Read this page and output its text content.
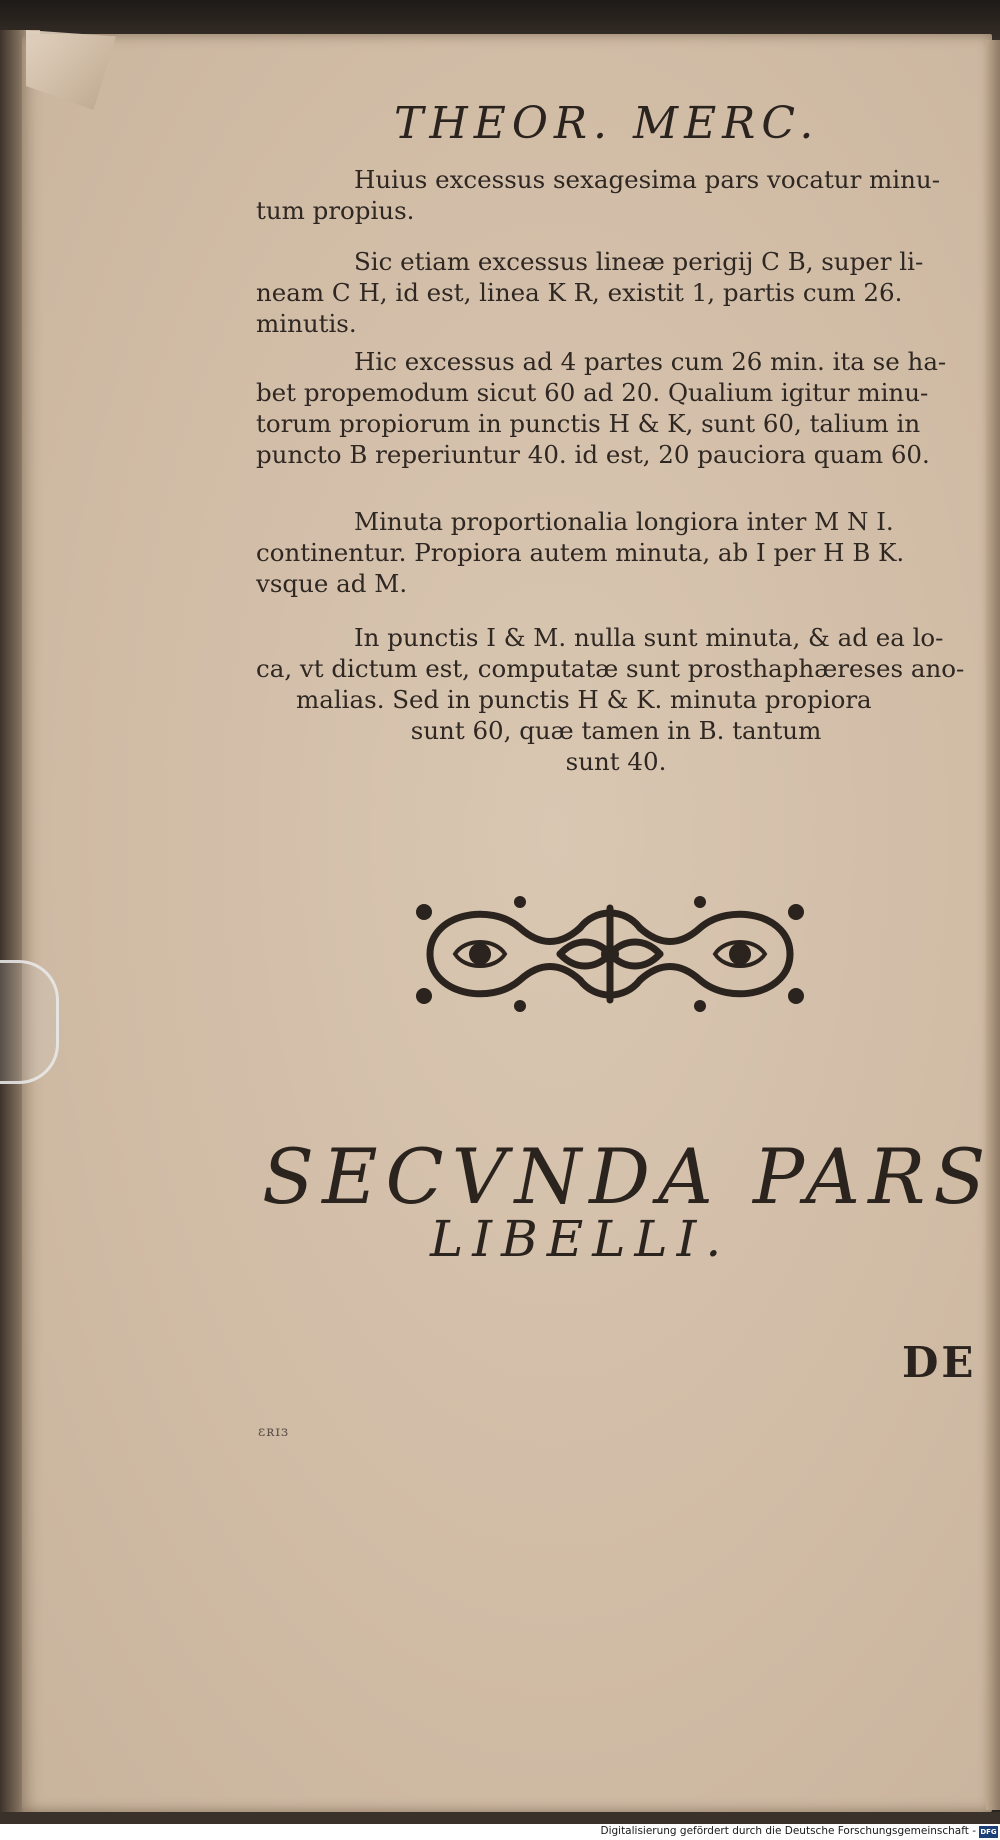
THEOR. MERC.
Huius excessus sexagesima pars vocatur minu-
tum propius.
Sic etiam excessus lineæ perigij C B, super li-
neam C H, id est, linea K R, existit 1, partis cum 26.
minutis.
Hic excessus ad 4 partes cum 26 min. ita se ha-
bet propemodum sicut 60 ad 20. Qualium igitur minu-
torum propiorum in punctis H & K, sunt 60, talium in
puncto B reperiuntur 40. id est, 20 pauciora quam 60.
Minuta proportionalia longiora inter M N I.
continentur. Propiora autem minuta, ab I per H B K.
vsque ad M.
In punctis I & M. nulla sunt minuta, & ad ea lo-
ca, vt dictum est, computatæ sunt prosthaphæreses ano-
malias. Sed in punctis H & K. minuta propiora
sunt 60, quæ tamen in B. tantum
sunt 40.
SECVNDA PARS
LIBELLI.
DE
ɛʀɪɜ
Digitalisierung gefördert durch die Deutsche Forschungsgemeinschaft - DFG
